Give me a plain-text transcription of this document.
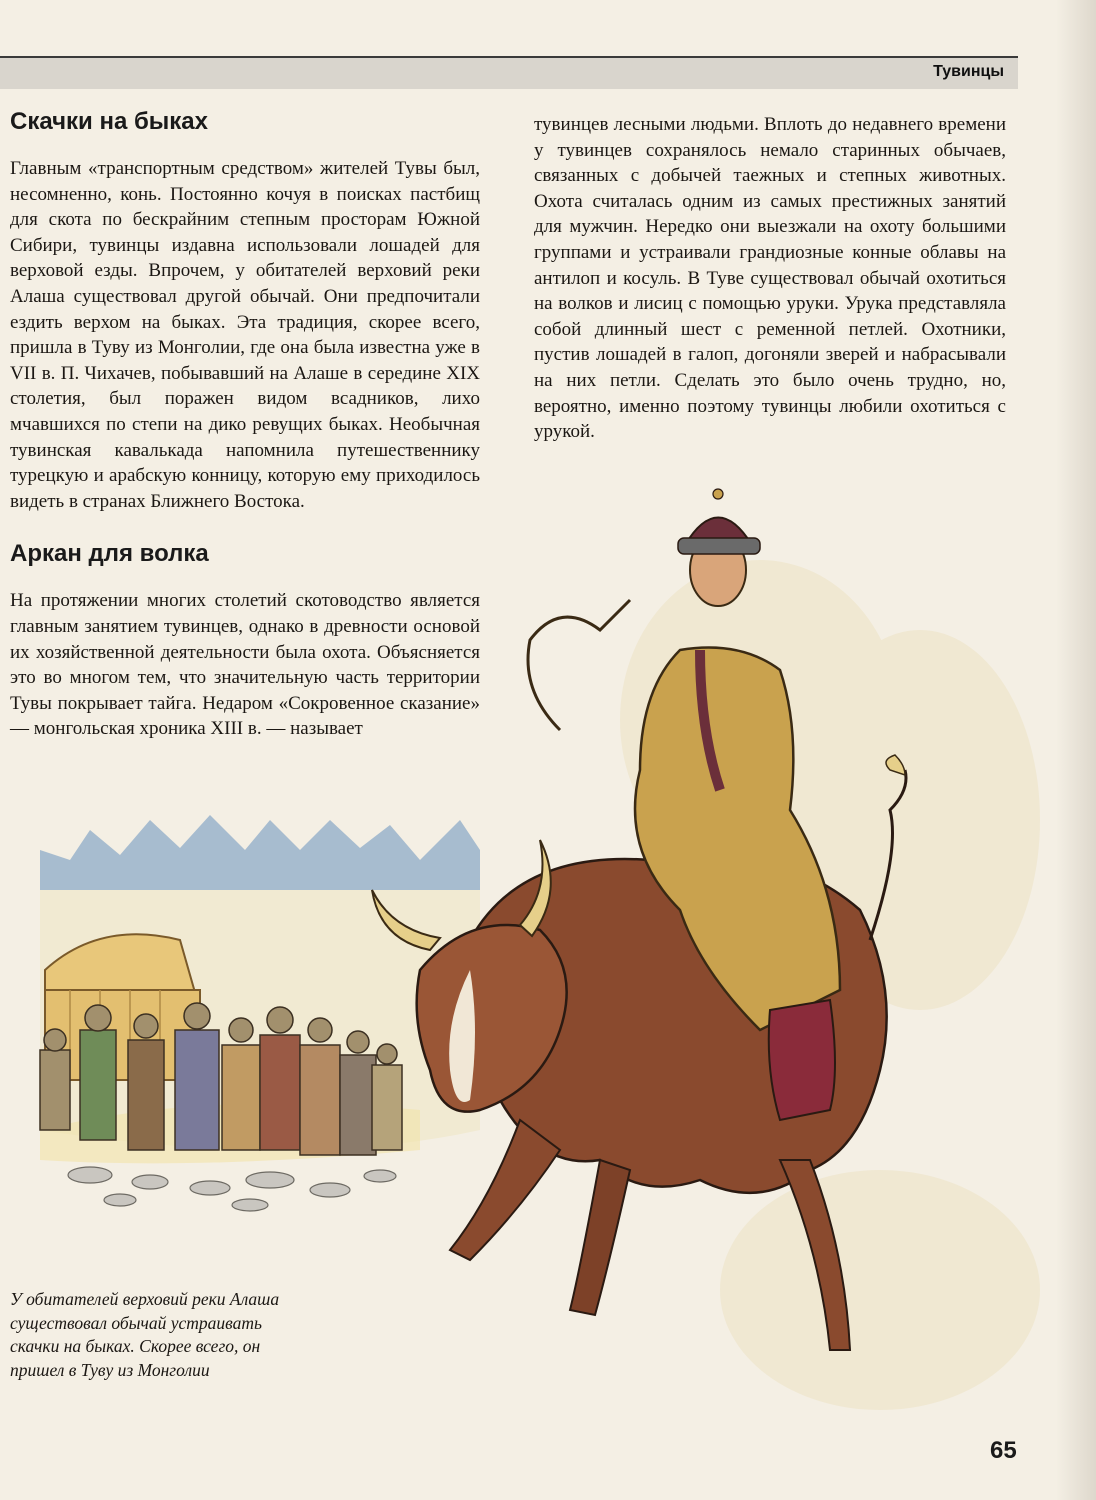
Тувинцы
Скачки на быках

Главным «транспортным средством» жителей Тувы был, несомненно, конь. Постоянно кочуя в поисках пастбищ для скота по бескрайним степным просторам Южной Сибири, тувинцы издавна использовали лошадей для верховой езды. Впрочем, у обитателей верховий реки Алаша существовал другой обычай. Они предпочитали ездить верхом на быках. Эта традиция, скорее всего, пришла в Туву из Монголии, где она была известна уже в VII в. П. Чихачев, побывавший на Алаше в середине XIX столетия, был поражен видом всадников, лихо мчавшихся по степи на дико ревущих быках. Необычная тувинская кавалькада напомнила путешественнику турецкую и арабскую конницу, которую ему приходилось видеть в странах Ближнего Востока.

Аркан для волка

На протяжении многих столетий скотоводство является главным занятием тувинцев, однако в древности основой их хозяйственной деятельности была охота. Объясняется это во многом тем, что значительную часть территории Тувы покрывает тайга. Недаром «Сокровенное сказание» — монгольская хроника XIII в. — называет

тувинцев лесными людьми. Вплоть до недавнего времени у тувинцев сохранялось немало старинных обычаев, связанных с добычей таежных и степных животных. Охота считалась одним из самых престижных занятий для мужчин. Нередко они выезжали на охоту большими группами и устраивали грандиозные конные облавы на антилоп и косуль. В Туве существовал обычай охотиться на волков и лисиц с помощью уруки. Урука представляла собой длинный шест с ременной петлей. Охотники, пустив лошадей в галоп, догоняли зверей и набрасывали на них петли. Сделать это было очень трудно, но, вероятно, именно поэтому тувинцы любили охотиться с урукой.

У обитателей верховий реки Алаша существовал обычай устраивать скачки на быках. Скорее всего, он пришел в Туву из Монголии
65
